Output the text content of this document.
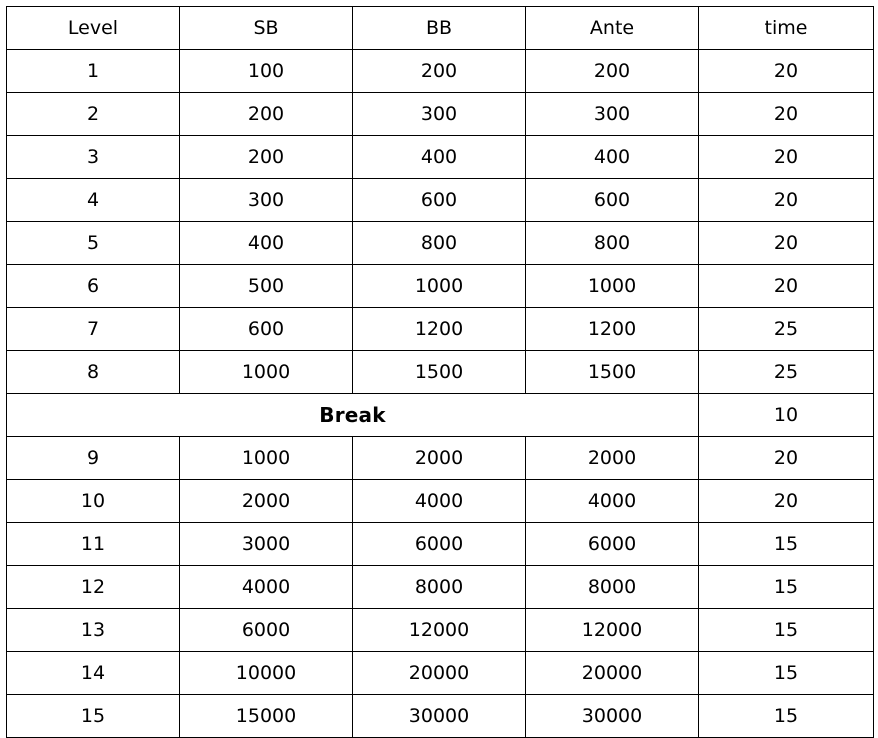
Level	SB	BB	Ante	time
1	100	200	200	20
2	200	300	300	20
3	200	400	400	20
4	300	600	600	20
5	400	800	800	20
6	500	1000	1000	20
7	600	1200	1200	25
8	1000	1500	1500	25
Break				10
9	1000	2000	2000	20
10	2000	4000	4000	20
11	3000	6000	6000	15
12	4000	8000	8000	15
13	6000	12000	12000	15
14	10000	20000	20000	15
15	15000	30000	30000	15
